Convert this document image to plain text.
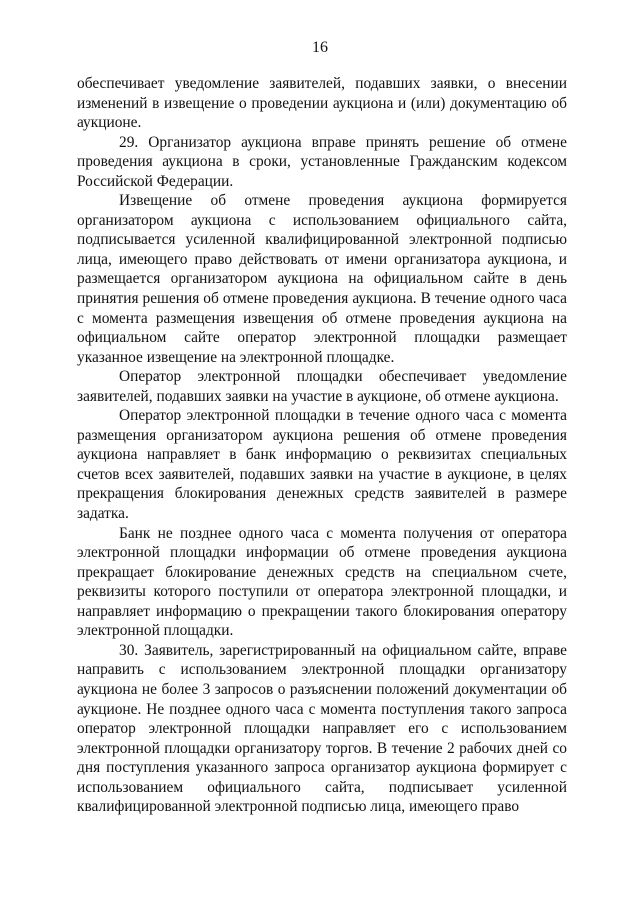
16

обеспечивает уведомление заявителей, подавших заявки, о внесении изменений в извещение о проведении аукциона и (или) документацию об аукционе.

29. Организатор аукциона вправе принять решение об отмене проведения аукциона в сроки, установленные Гражданским кодексом Российской Федерации.

Извещение об отмене проведения аукциона формируется организатором аукциона с использованием официального сайта, подписывается усиленной квалифицированной электронной подписью лица, имеющего право действовать от имени организатора аукциона, и размещается организатором аукциона на официальном сайте в день принятия решения об отмене проведения аукциона. В течение одного часа с момента размещения извещения об отмене проведения аукциона на официальном сайте оператор электронной площадки размещает указанное извещение на электронной площадке.

Оператор электронной площадки обеспечивает уведомление заявителей, подавших заявки на участие в аукционе, об отмене аукциона.

Оператор электронной площадки в течение одного часа с момента размещения организатором аукциона решения об отмене проведения аукциона направляет в банк информацию о реквизитах специальных счетов всех заявителей, подавших заявки на участие в аукционе, в целях прекращения блокирования денежных средств заявителей в размере задатка.

Банк не позднее одного часа с момента получения от оператора электронной площадки информации об отмене проведения аукциона прекращает блокирование денежных средств на специальном счете, реквизиты которого поступили от оператора электронной площадки, и направляет информацию о прекращении такого блокирования оператору электронной площадки.

30. Заявитель, зарегистрированный на официальном сайте, вправе направить с использованием электронной площадки организатору аукциона не более 3 запросов о разъяснении положений документации об аукционе. Не позднее одного часа с момента поступления такого запроса оператор электронной площадки направляет его с использованием электронной площадки организатору торгов. В течение 2 рабочих дней со дня поступления указанного запроса организатор аукциона формирует с использованием официального сайта, подписывает усиленной квалифицированной электронной подписью лица, имеющего право
